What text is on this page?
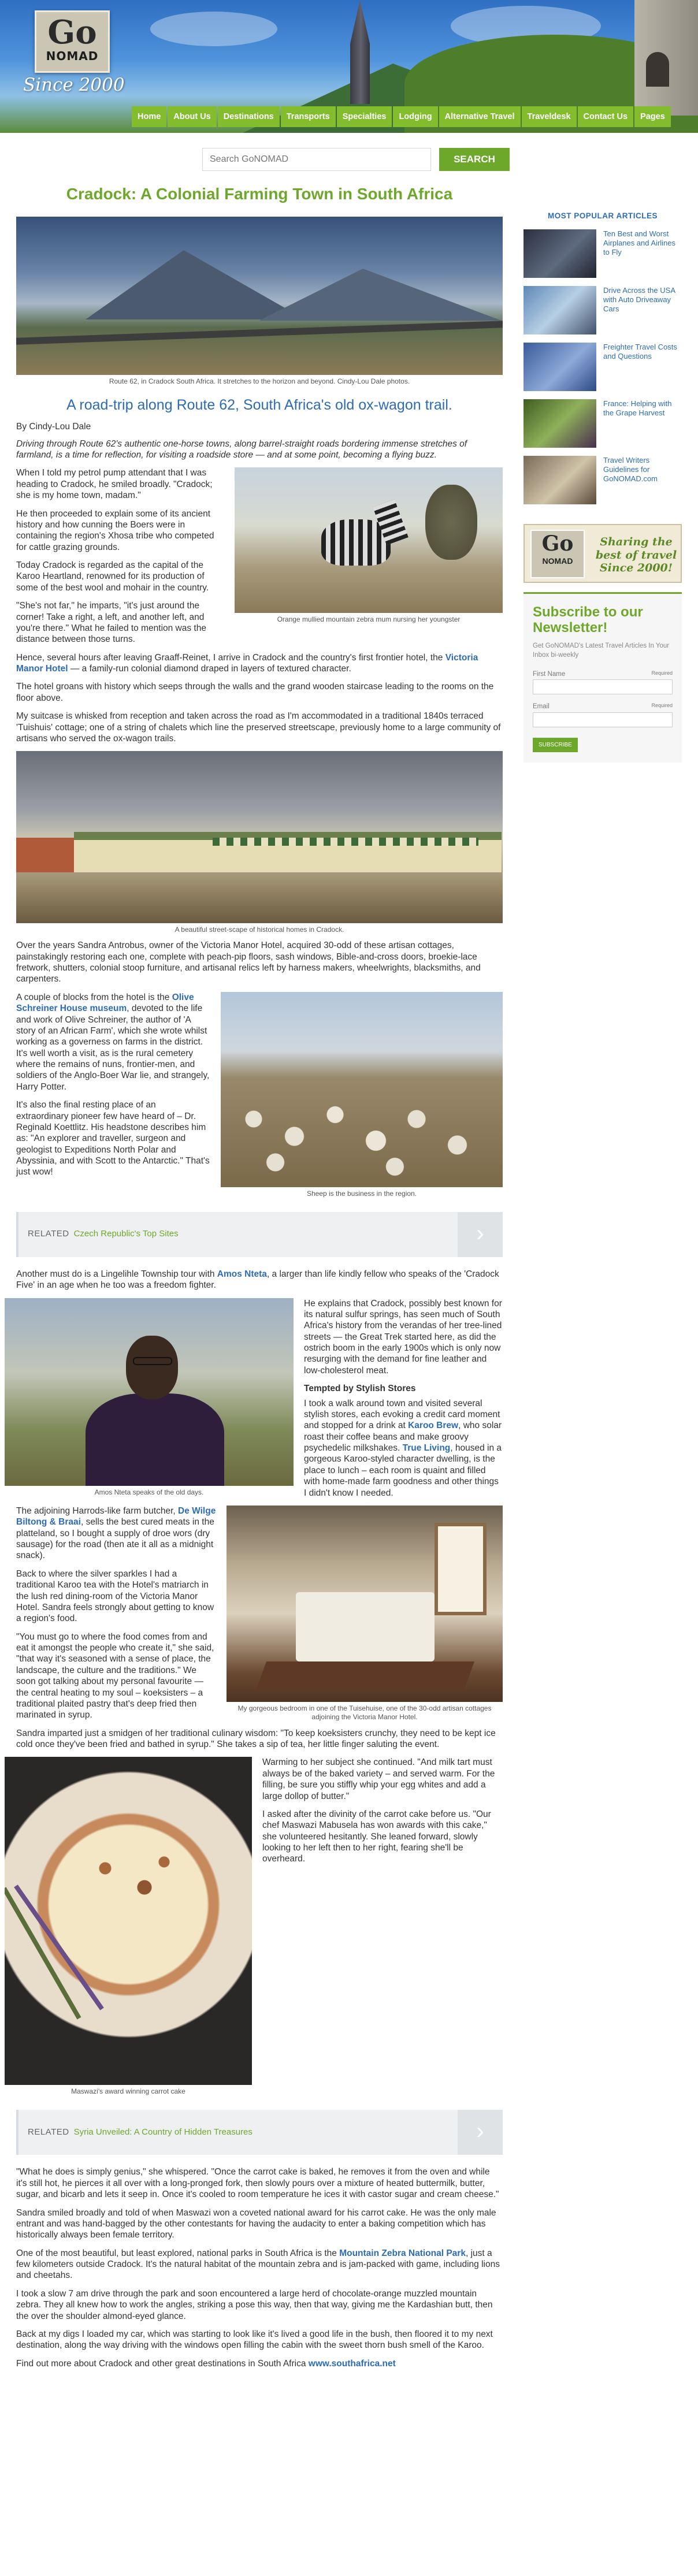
Go
NOMAD
Since 2000
Home	About Us	Destinations	Transports	Specialties	Lodging	Alternative Travel	Traveldesk	Contact Us	Pages
Search GoNOMAD
SEARCH
Cradock: A Colonial Farming Town in South Africa
Route 62, in Cradock South Africa. It stretches to the horizon and beyond. Cindy-Lou Dale photos.
A road-trip along Route 62, South Africa's old ox-wagon trail.

By Cindy-Lou Dale

Driving through Route 62's authentic one-horse towns, along barrel-straight roads bordering immense stretches of farmland, is a time for reflection, for visiting a roadside store — and at some point, becoming a flying buzz.

Orange mullied mountain zebra mum nursing her youngster

When I told my petrol pump attendant that I was heading to Cradock, he smiled broadly. "Cradock; she is my home town, madam."

He then proceeded to explain some of its ancient history and how cunning the Boers were in containing the region's Xhosa tribe who competed for cattle grazing grounds.

Today Cradock is regarded as the capital of the Karoo Heartland, renowned for its production of some of the best wool and mohair in the country.

"She's not far," he imparts, "it's just around the corner! Take a right, a left, and another left, and you're there." What he failed to mention was the distance between those turns.

Hence, several hours after leaving Graaff-Reinet, I arrive in Cradock and the country's first frontier hotel, the Victoria Manor Hotel — a family-run colonial diamond draped in layers of textured character.

The hotel groans with history which seeps through the walls and the grand wooden staircase leading to the rooms on the floor above.

My suitcase is whisked from reception and taken across the road as I'm accommodated in a traditional 1840s terraced 'Tuishuis' cottage; one of a string of chalets which line the preserved streetscape, previously home to a large community of artisans who served the ox-wagon trails.

A beautiful street-scape of historical homes in Cradock.

Over the years Sandra Antrobus, owner of the Victoria Manor Hotel, acquired 30-odd of these artisan cottages, painstakingly restoring each one, complete with peach-pip floors, sash windows, Bible-and-cross doors, broekie-lace fretwork, shutters, colonial stoop furniture, and artisanal relics left by harness makers, wheelwrights, blacksmiths, and carpenters.

Sheep is the business in the region.

A couple of blocks from the hotel is the Olive Schreiner House museum, devoted to the life and work of Olive Schreiner, the author of 'A story of an African Farm', which she wrote whilst working as a governess on farms in the district. It's well worth a visit, as is the rural cemetery where the remains of nuns, frontier-men, and soldiers of the Anglo-Boer War lie, and strangely, Harry Potter.

It's also the final resting place of an extraordinary pioneer few have heard of – Dr. Reginald Koettlitz. His headstone describes him as: "An explorer and traveller, surgeon and geologist to Expeditions North Polar and Abyssinia, and with Scott to the Antarctic." That's just wow!

RELATED Czech Republic's Top Sites	›

Another must do is a Lingelihle Township tour with Amos Nteta, a larger than life kindly fellow who speaks of the 'Cradock Five' in an age when he too was a freedom fighter.

Amos Nteta speaks of the old days.

He explains that Cradock, possibly best known for its natural sulfur springs, has seen much of South Africa's history from the verandas of her tree-lined streets — the Great Trek started here, as did the ostrich boom in the early 1900s which is only now resurging with the demand for fine leather and low-cholesterol meat.

Tempted by Stylish Stores

I took a walk around town and visited several stylish stores, each evoking a credit card moment and stopped for a drink at Karoo Brew, who solar roast their coffee beans and make groovy psychedelic milkshakes. True Living, housed in a gorgeous Karoo-styled character dwelling, is the place to lunch – each room is quaint and filled with home-made farm goodness and other things I didn't know I needed.

My gorgeous bedroom in one of the Tuisehuise, one of the 30-odd artisan cottages adjoining the Victoria Manor Hotel.

The adjoining Harrods-like farm butcher, De Wilge Biltong & Braai, sells the best cured meats in the platteland, so I bought a supply of droe wors (dry sausage) for the road (then ate it all as a midnight snack).

Back to where the silver sparkles I had a traditional Karoo tea with the Hotel's matriarch in the lush red dining-room of the Victoria Manor Hotel. Sandra feels strongly about getting to know a region's food.

"You must go to where the food comes from and eat it amongst the people who create it," she said, "that way it's seasoned with a sense of place, the landscape, the culture and the traditions." We soon got talking about my personal favourite — the central heating to my soul – koeksisters – a traditional plaited pastry that's deep fried then marinated in syrup.

Sandra imparted just a smidgen of her traditional culinary wisdom: "To keep koeksisters crunchy, they need to be kept ice cold once they've been fried and bathed in syrup." She takes a sip of tea, her little finger saluting the event.

Maswazi's award winning carrot cake

Warming to her subject she continued. "And milk tart must always be of the baked variety – and served warm. For the filling, be sure you stiffly whip your egg whites and add a large dollop of butter."

I asked after the divinity of the carrot cake before us. "Our chef Maswazi Mabusela has won awards with this cake," she volunteered hesitantly. She leaned forward, slowly looking to her left then to her right, fearing she'll be overheard.

RELATED Syria Unveiled: A Country of Hidden Treasures	›

"What he does is simply genius," she whispered. "Once the carrot cake is baked, he removes it from the oven and while it's still hot, he pierces it all over with a long-pronged fork, then slowly pours over a mixture of heated buttermilk, butter, sugar, and bicarb and lets it seep in. Once it's cooled to room temperature he ices it with castor sugar and cream cheese."

Sandra smiled broadly and told of when Maswazi won a coveted national award for his carrot cake. He was the only male entrant and was hand-bagged by the other contestants for having the audacity to enter a baking competition which has historically always been female territory.

One of the most beautiful, but least explored, national parks in South Africa is the Mountain Zebra National Park, just a few kilometers outside Cradock. It's the natural habitat of the mountain zebra and is jam-packed with game, including lions and cheetahs.

I took a slow 7 am drive through the park and soon encountered a large herd of chocolate-orange muzzled mountain zebra. They all knew how to work the angles, striking a pose this way, then that way, giving me the Kardashian butt, then the over the shoulder almond-eyed glance.

Back at my digs I loaded my car, which was starting to look like it's lived a good life in the bush, then floored it to my next destination, along the way driving with the windows open filling the cabin with the sweet thorn bush smell of the Karoo.

Find out more about Cradock and other great destinations in South Africa www.southafrica.net

MOST POPULAR ARTICLES
Ten Best and Worst Airplanes and Airlines to Fly
Drive Across the USA with Auto Driveaway Cars
Freighter Travel Costs and Questions
France: Helping with the Grape Harvest
Travel Writers Guidelines for GoNOMAD.com
Go
NOMAD
Sharing the best of travel Since 2000!
Subscribe to our Newsletter!
Get GoNOMAD's Latest Travel Articles In Your Inbox bi-weekly
First Name	Required
Email	Required
SUBSCRIBE
